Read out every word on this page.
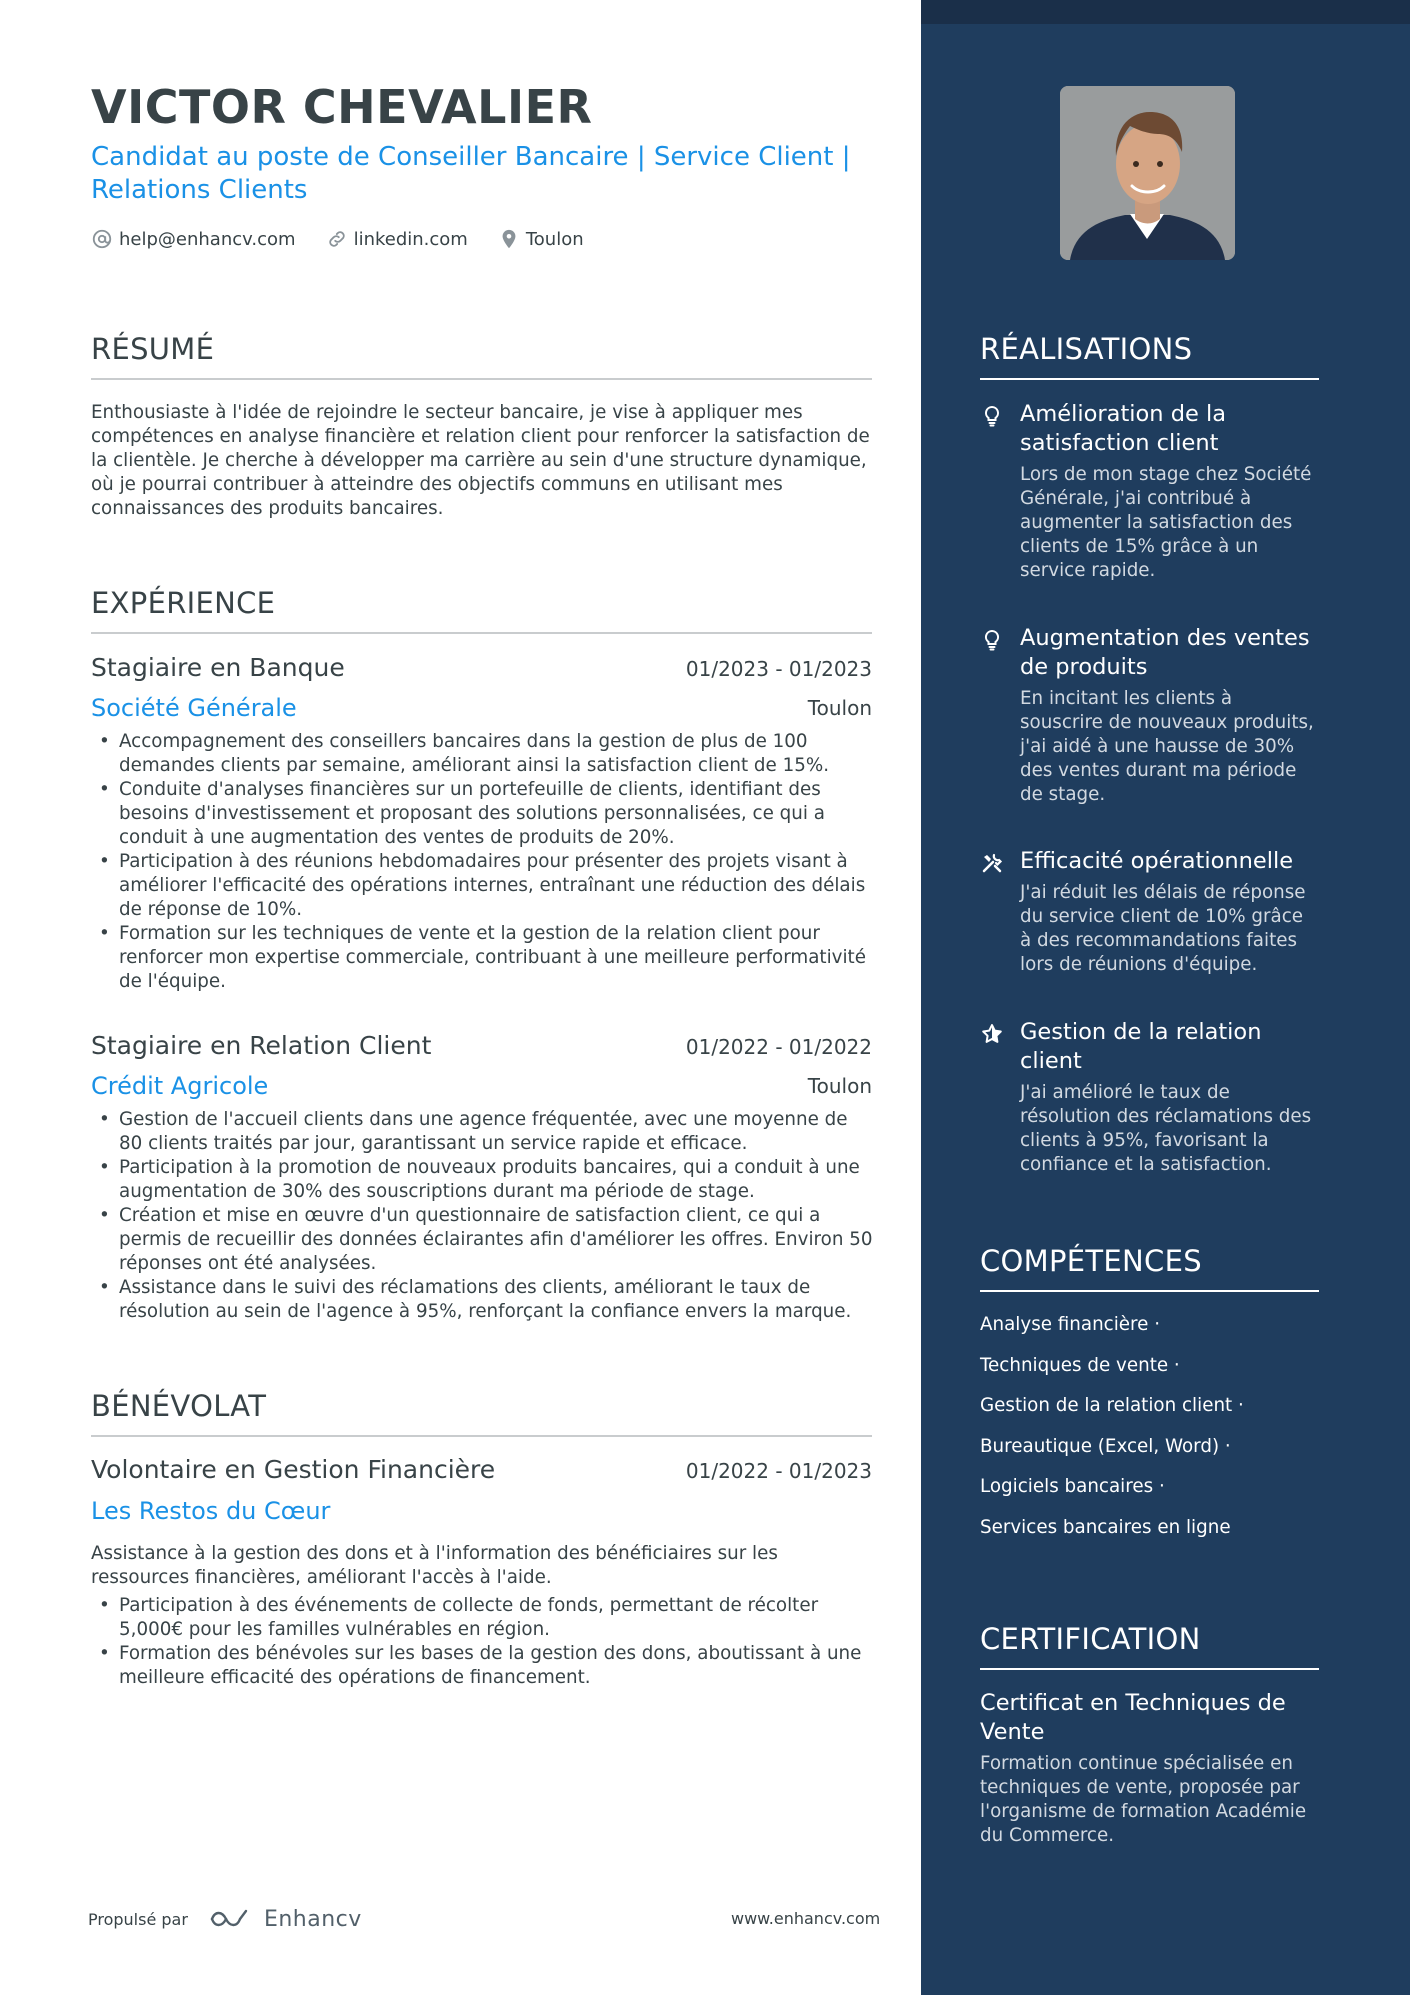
VICTOR CHEVALIER
Candidat au poste de Conseiller Bancaire | Service Client | Relations Clients
help@enhancv.com	linkedin.com	Toulon
RÉSUMÉ
Enthousiaste à l'idée de rejoindre le secteur bancaire, je vise à appliquer mes compétences en analyse financière et relation client pour renforcer la satisfaction de la clientèle. Je cherche à développer ma carrière au sein d'une structure dynamique, où je pourrai contribuer à atteindre des objectifs communs en utilisant mes connaissances des produits bancaires.
EXPÉRIENCE
Stagiaire en Banque	01/2023 - 01/2023
Société Générale	Toulon
• Accompagnement des conseillers bancaires dans la gestion de plus de 100 demandes clients par semaine, améliorant ainsi la satisfaction client de 15%.
• Conduite d'analyses financières sur un portefeuille de clients, identifiant des besoins d'investissement et proposant des solutions personnalisées, ce qui a conduit à une augmentation des ventes de produits de 20%.
• Participation à des réunions hebdomadaires pour présenter des projets visant à améliorer l'efficacité des opérations internes, entraînant une réduction des délais de réponse de 10%.
• Formation sur les techniques de vente et la gestion de la relation client pour renforcer mon expertise commerciale, contribuant à une meilleure performativité de l'équipe.
Stagiaire en Relation Client	01/2022 - 01/2022
Crédit Agricole	Toulon
• Gestion de l'accueil clients dans une agence fréquentée, avec une moyenne de 80 clients traités par jour, garantissant un service rapide et efficace.
• Participation à la promotion de nouveaux produits bancaires, qui a conduit à une augmentation de 30% des souscriptions durant ma période de stage.
• Création et mise en œuvre d'un questionnaire de satisfaction client, ce qui a permis de recueillir des données éclairantes afin d'améliorer les offres. Environ 50 réponses ont été analysées.
• Assistance dans le suivi des réclamations des clients, améliorant le taux de résolution au sein de l'agence à 95%, renforçant la confiance envers la marque.
BÉNÉVOLAT
Volontaire en Gestion Financière	01/2022 - 01/2023
Les Restos du Cœur
Assistance à la gestion des dons et à l'information des bénéficiaires sur les ressources financières, améliorant l'accès à l'aide.
• Participation à des événements de collecte de fonds, permettant de récolter 5,000€ pour les familles vulnérables en région.
• Formation des bénévoles sur les bases de la gestion des dons, aboutissant à une meilleure efficacité des opérations de financement.
Propulsé par	Enhancv	www.enhancv.com
RÉALISATIONS
Amélioration de la satisfaction client
Lors de mon stage chez Société Générale, j'ai contribué à augmenter la satisfaction des clients de 15% grâce à un service rapide.
Augmentation des ventes de produits
En incitant les clients à souscrire de nouveaux produits, j'ai aidé à une hausse de 30% des ventes durant ma période de stage.
Efficacité opérationnelle
J'ai réduit les délais de réponse du service client de 10% grâce à des recommandations faites lors de réunions d'équipe.
Gestion de la relation client
J'ai amélioré le taux de résolution des réclamations des clients à 95%, favorisant la confiance et la satisfaction.
COMPÉTENCES
Analyse financière ·
Techniques de vente ·
Gestion de la relation client ·
Bureautique (Excel, Word) ·
Logiciels bancaires ·
Services bancaires en ligne
CERTIFICATION
Certificat en Techniques de Vente
Formation continue spécialisée en techniques de vente, proposée par l'organisme de formation Académie du Commerce.
